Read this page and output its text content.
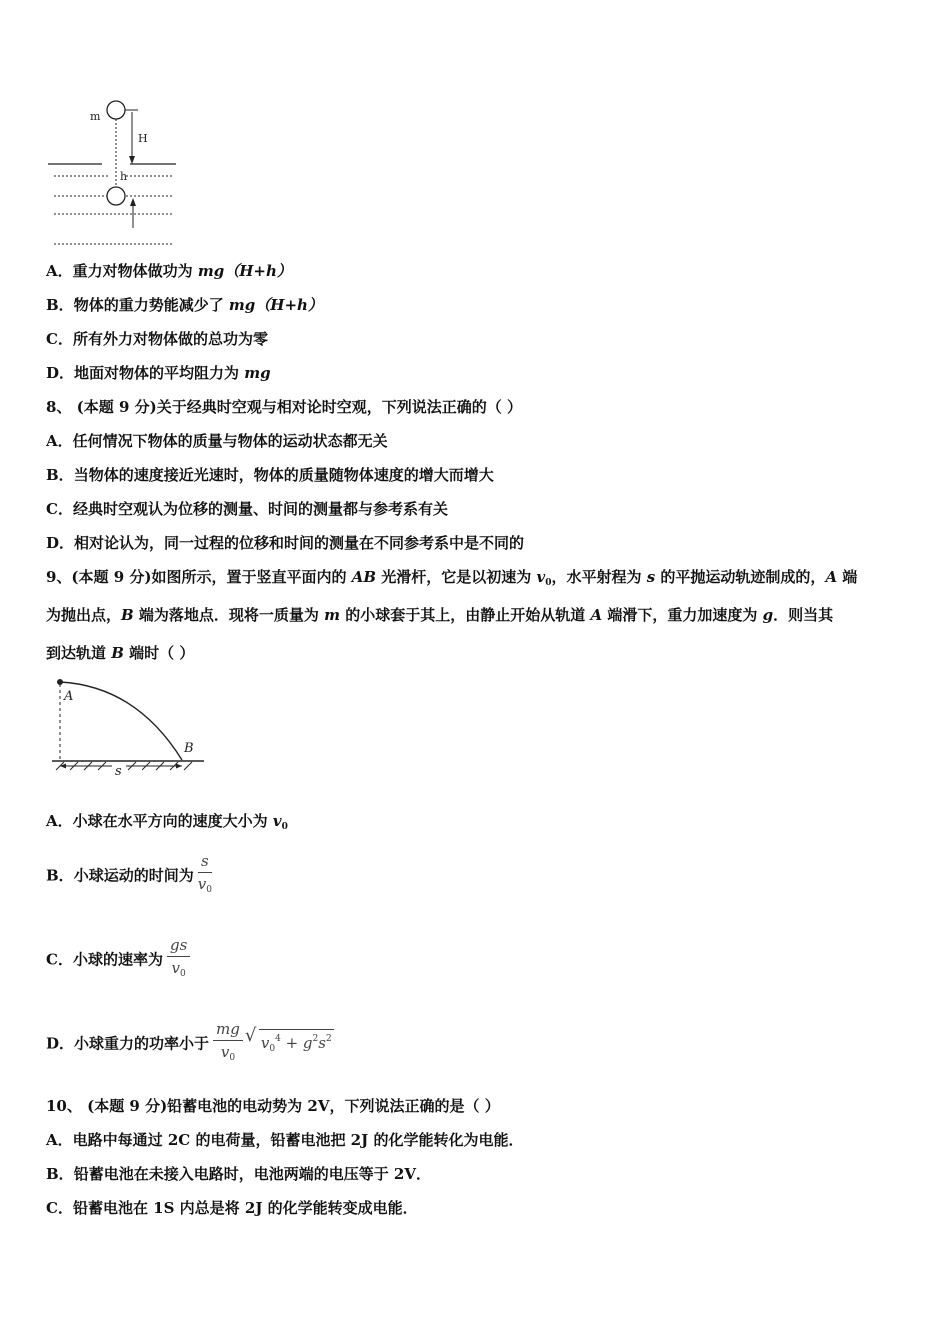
m
H
h
A．重力对物体做功为 mg（H+h）
B．物体的重力势能减少了 mg（H+h）
C．所有外力对物体做的总功为零
D．地面对物体的平均阻力为 mg
8、 (本题 9 分)关于经典时空观与相对论时空观，下列说法正确的（ ）
A．任何情况下物体的质量与物体的运动状态都无关
B．当物体的速度接近光速时，物体的质量随物体速度的增大而增大
C．经典时空观认为位移的测量、时间的测量都与参考系有关
D．相对论认为，同一过程的位移和时间的测量在不同参考系中是不同的
9、(本题 9 分)如图所示，置于竖直平面内的 AB 光滑杆，它是以初速为 $v_0$，水平射程为 s 的平抛运动轨迹制成的，A 端
为抛出点，B 端为落地点．现将一质量为 m 的小球套于其上，由静止开始从轨道 A 端滑下，重力加速度为 g．则当其
到达轨道 B 端时（ ）
A
B
s
A．小球在水平方向的速度大小为 $v_0$
B．小球运动的时间为 $\frac{s}{v_0}$
C．小球的速率为 $\frac{gs}{v_0}$
D．小球重力的功率小于 $\frac{mg}{v_0}$ √ $v_0^4 + g^2s^2$
10、 (本题 9 分)铅蓄电池的电动势为 2V，下列说法正确的是（ ）
A．电路中每通过 2C 的电荷量，铅蓄电池把 2J 的化学能转化为电能．
B．铅蓄电池在未接入电路时，电池两端的电压等于 2V．
C．铅蓄电池在 1S 内总是将 2J 的化学能转变成电能．
